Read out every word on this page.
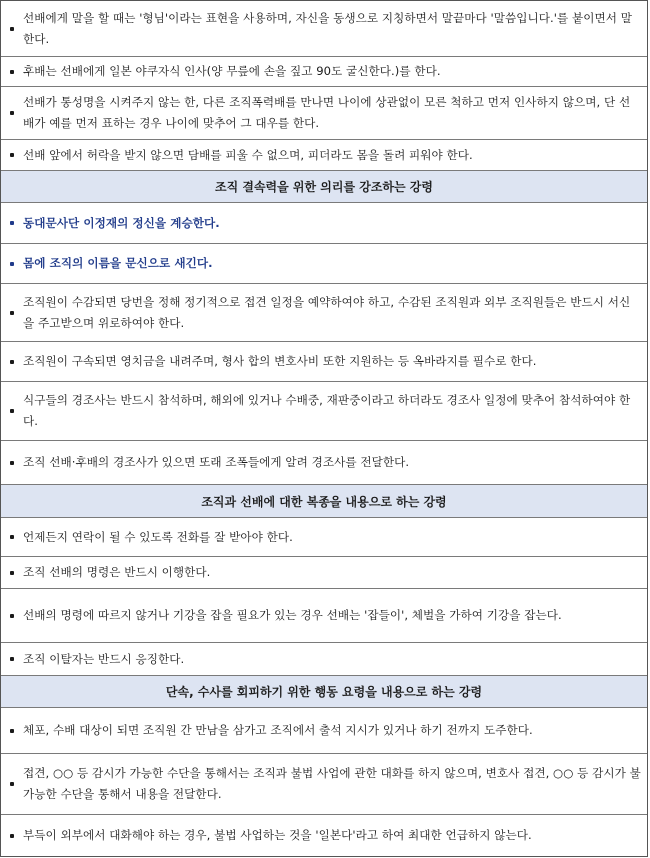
선배에게 말을 할 때는 '형님'이라는 표현을 사용하며, 자신을 동생으로 지칭하면서 말끝마다 '말씀입니다.'를 붙이면서 말한다.
후배는 선배에게 일본 야쿠자식 인사(양 무릎에 손을 짚고 90도 굴신한다.)를 한다.
선배가 통성명을 시켜주지 않는 한, 다른 조직폭력배를 만나면 나이에 상관없이 모른 척하고 먼저 인사하지 않으며, 단 선배가 예를 먼저 표하는 경우 나이에 맞추어 그 대우를 한다.
선배 앞에서 허락을 받지 않으면 담배를 피울 수 없으며, 피더라도 몸을 돌려 피워야 한다.
조직 결속력을 위한 의리를 강조하는 강령
동대문사단 이정재의 정신을 계승한다.
몸에 조직의 이름을 문신으로 새긴다.
조직원이 수감되면 당번을 정해 정기적으로 접견 일정을 예약하여야 하고, 수감된 조직원과 외부 조직원들은 반드시 서신을 주고받으며 위로하여야 한다.
조직원이 구속되면 영치금을 내려주며, 형사 합의 변호사비 또한 지원하는 등 옥바라지를 필수로 한다.
식구들의 경조사는 반드시 참석하며, 해외에 있거나 수배중, 재판중이라고 하더라도 경조사 일정에 맞추어 참석하여야 한다.
조직 선배·후배의 경조사가 있으면 또래 조폭들에게 알려 경조사를 전달한다.
조직과 선배에 대한 복종을 내용으로 하는 강령
언제든지 연락이 될 수 있도록 전화를 잘 받아야 한다.
조직 선배의 명령은 반드시 이행한다.
선배의 명령에 따르지 않거나 기강을 잡을 필요가 있는 경우 선배는 '잡들이', 체벌을 가하여 기강을 잡는다.
조직 이탈자는 반드시 응징한다.
단속, 수사를 회피하기 위한 행동 요령을 내용으로 하는 강령
체포, 수배 대상이 되면 조직원 간 만남을 삼가고 조직에서 출석 지시가 있거나 하기 전까지 도주한다.
접견, ○○ 등 감시가 가능한 수단을 통해서는 조직과 불법 사업에 관한 대화를 하지 않으며, 변호사 접견, ○○ 등 감시가 불가능한 수단을 통해서 내용을 전달한다.
부득이 외부에서 대화해야 하는 경우, 불법 사업하는 것을 '일본다'라고 하여 최대한 언급하지 않는다.
